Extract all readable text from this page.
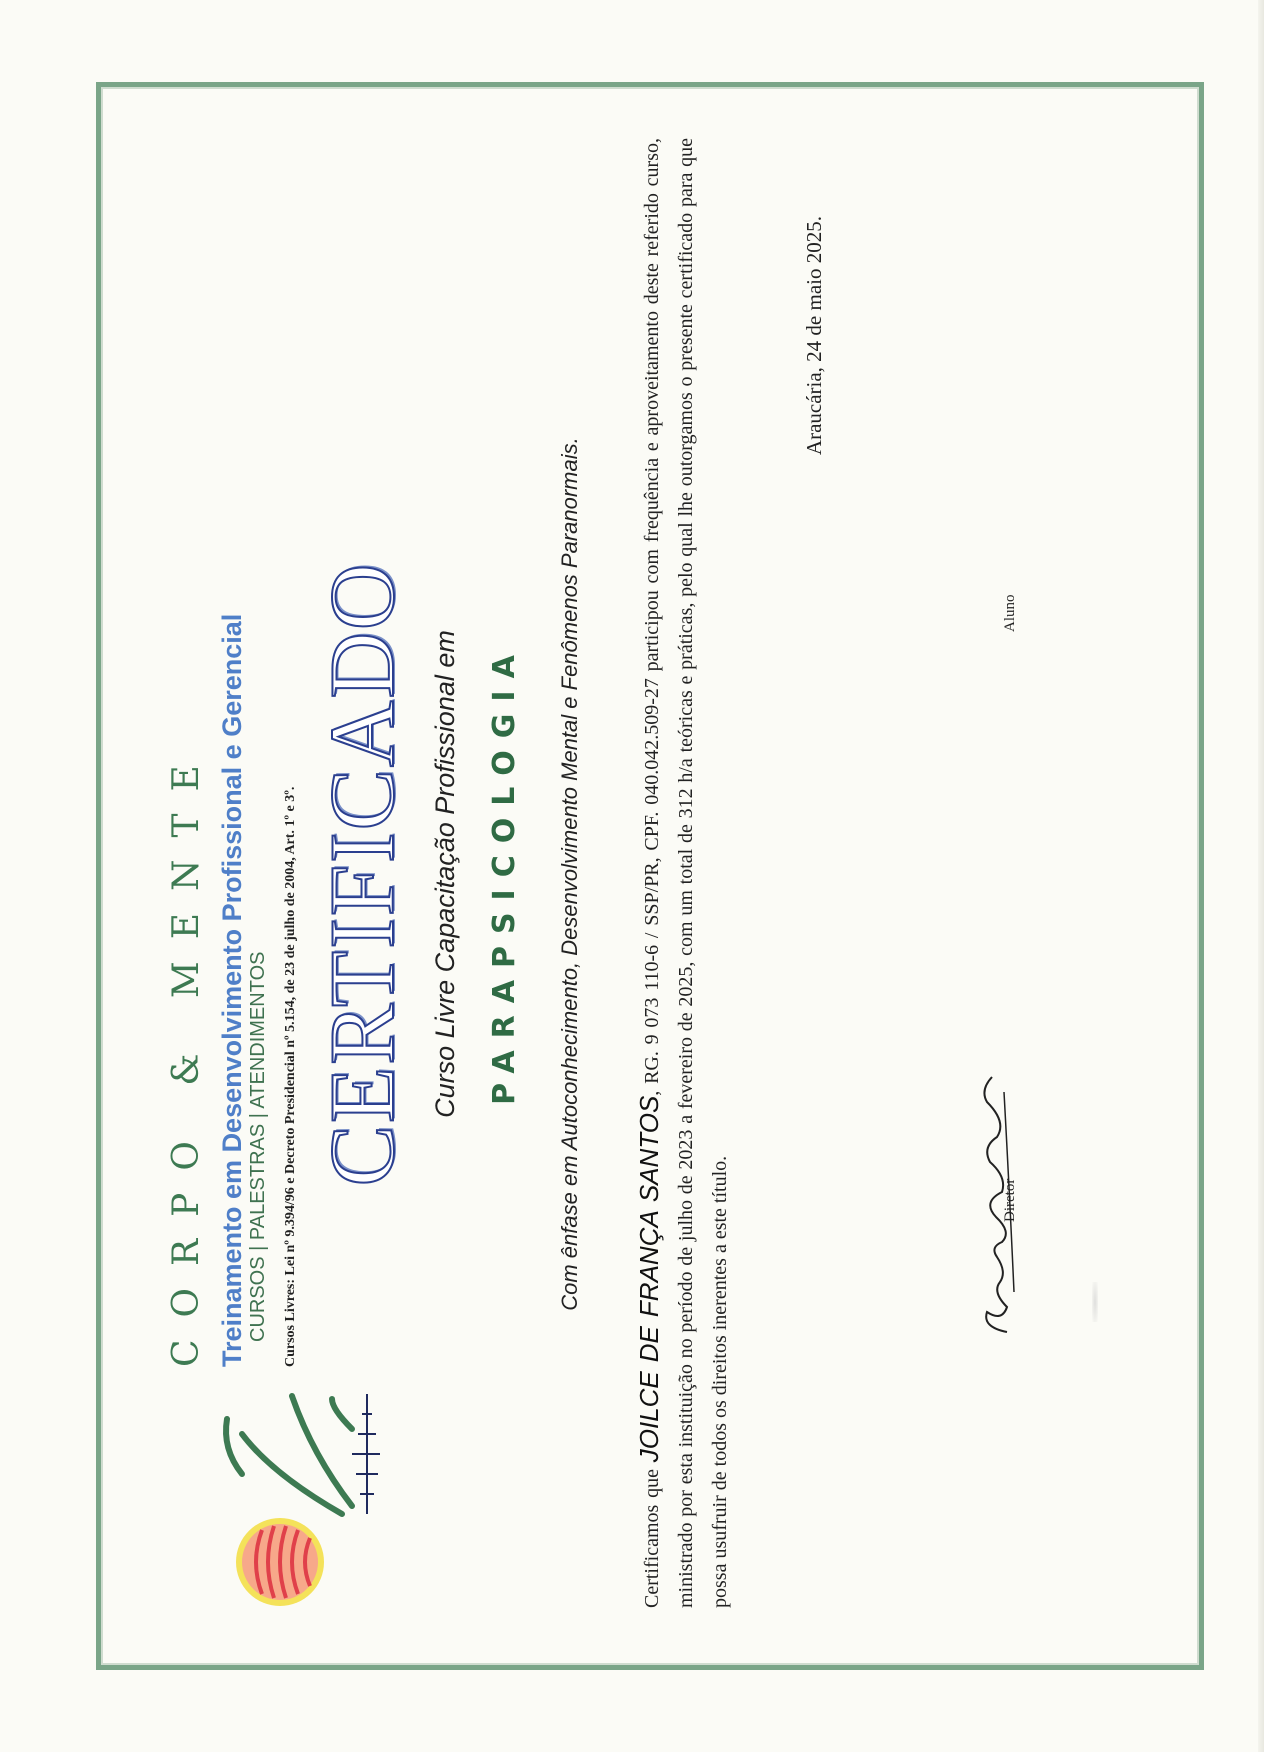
CORPO & MENTE Treinamento em Desenvolvimento Profissional e Gerencial CURSOS | PALESTRAS | ATENDIMENTOS Cursos Livres: Lei nº 9.394/96 e Decreto Presidencial nº 5.154, de 23 de julho de 2004, Art. 1º e 3º. CERTIFICADO Curso Livre Capacitação Profissional em PARAPSICOLOGIA Com ênfase em Autoconhecimento, Desenvolvimento Mental e Fenômenos Paranormais.
Certificamos que JOILCE DE FRANÇA SANTOS, RG. 9 073 110-6 / SSP/PR, CPF. 040.042.509-27 participou com frequência e aproveitamento deste referido curso, ministrado por esta instituição no período de julho de 2023 a fevereiro de 2025, com um total de 312 h/a teóricas e práticas, pelo qual lhe outorgamos o presente certificado para que possa usufruir de todos os direitos inerentes a este título.
Araucária, 24 de maio 2025.
Diretor
Aluno
